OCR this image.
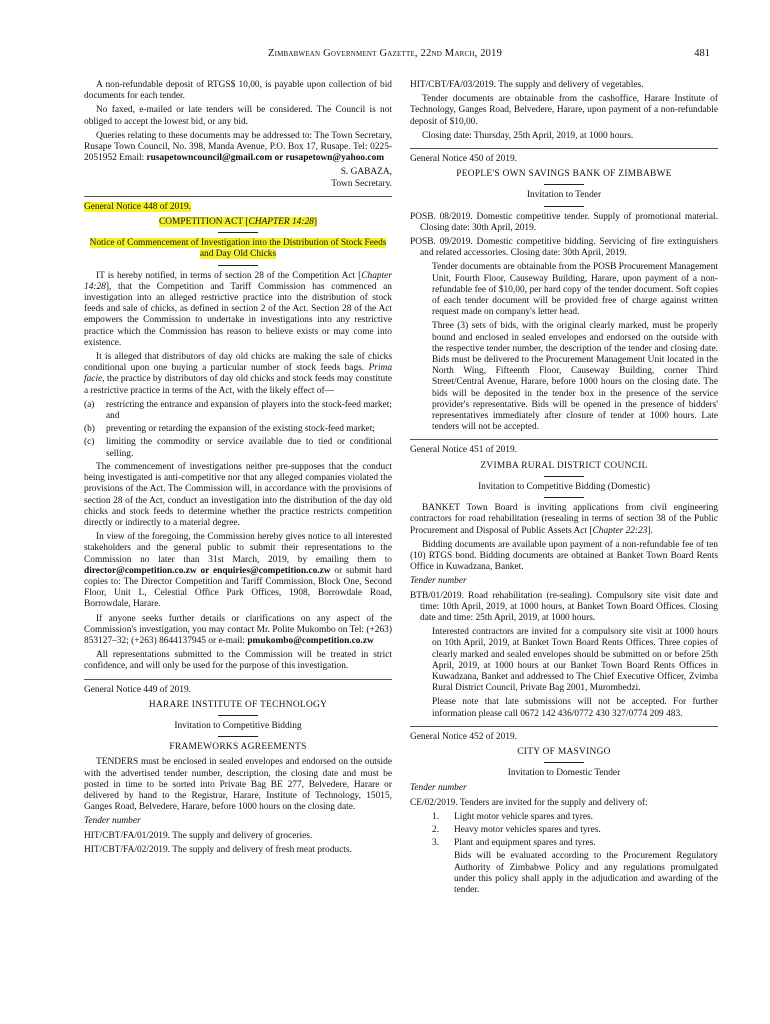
Zimbabwean Government Gazette, 22nd March, 2019	481

A non-refundable deposit of RTGS$ 10,00, is payable upon collection of bid documents for each tender.

No faxed, e-mailed or late tenders will be considered. The Council is not obliged to accept the lowest bid, or any bid.

Queries relating to these documents may be addressed to: The Town Secretary, Rusape Town Council, No. 398, Manda Avenue, P.O. Box 17, Rusape. Tel: 0225-2051952 Email: rusapetowncouncil@gmail.com or rusapetown@yahoo.com

S. GABAZA,

Town Secretary.

General Notice 448 of 2019.

COMPETITION ACT [CHAPTER 14:28]

Notice of Commencement of Investigation into the Distribution of Stock Feeds and Day Old Chicks

IT is hereby notified, in terms of section 28 of the Competition Act [Chapter 14:28], that the Competition and Tariff Commission has commenced an investigation into an alleged restrictive practice into the distribution of stock feeds and sale of chicks, as defined in section 2 of the Act. Section 28 of the Act empowers the Commission to undertake in investigations into any restrictive practice which the Commission has reason to believe exists or may come into existence.

It is alleged that distributors of day old chicks are making the sale of chicks conditional upon one buying a particular number of stock feeds bags. Prima facie, the practice by distributors of day old chicks and stock feeds may constitute a restrictive practice in terms of the Act, with the likely effect of—

(a)	restricting the entrance and expansion of players into the stock-feed market; and
(b)	preventing or retarding the expansion of the existing stock-feed market;
(c)	limiting the commodity or service available due to tied or conditional selling.

The commencement of investigations neither pre-supposes that the conduct being investigated is anti-competitive nor that any alleged companies violated the provisions of the Act. The Commission will, in accordance with the provisions of section 28 of the Act, conduct an investigation into the distribution of the day old chicks and stock feeds to determine whether the practice restricts competition directly or indirectly to a material degree.

In view of the foregoing, the Commission hereby gives notice to all interested stakeholders and the general public to submit their representations to the Commission no later than 31st March, 2019, by emailing them to director@competition.co.zw or enquiries@competition.co.zw or submit hard copies to: The Director Competition and Tariff Commission, Block One, Second Floor, Unit L, Celestial Office Park Offices, 1908, Borrowdale Road, Borrowdale, Harare.

If anyone seeks further details or clarifications on any aspect of the Commission's investigation, you may contact Mr. Polite Mukombo on Tel: (+263) 853127–32; (+263) 8644137945 or e-mail: pmukombo@competition.co.zw

All representations submitted to the Commission will be treated in strict confidence, and will only be used for the purpose of this investigation.

General Notice 449 of 2019.

HARARE INSTITUTE OF TECHNOLOGY

Invitation to Competitive Bidding

FRAMEWORKS AGREEMENTS

TENDERS must be enclosed in sealed envelopes and endorsed on the outside with the advertised tender number, description, the closing date and must be posted in time to be sorted into Private Bag BE 277, Belvedere, Harare or delivered by hand to the Registrar, Harare, Institute of Technology, 15015, Ganges Road, Belvedere, Harare, before 1000 hours on the closing date.

Tender number

HIT/CBT/FA/01/2019. The supply and delivery of groceries.

HIT/CBT/FA/02/2019. The supply and delivery of fresh meat products.

HIT/CBT/FA/03/2019. The supply and delivery of vegetables.

Tender documents are obtainable from the cashoffice, Harare Institute of Technology, Ganges Road, Belvedere, Harare, upon payment of a non-refundable deposit of $10,00.

Closing date: Thursday, 25th April, 2019, at 1000 hours.

General Notice 450 of 2019.

PEOPLE'S OWN SAVINGS BANK OF ZIMBABWE

Invitation to Tender

POSB. 08/2019. Domestic competitive tender. Supply of promotional material. Closing date: 30th April, 2019.

POSB. 09/2019. Domestic competitive bidding. Servicing of fire extinguishers and related accessories. Closing date: 30th April, 2019.

Tender documents are obtainable from the POSB Procurement Management Unit, Fourth Floor, Causeway Building, Harare, upon payment of a non-refundable fee of $10,00, per hard copy of the tender document. Soft copies of each tender document will be provided free of charge against written request made on company's letter head.

Three (3) sets of bids, with the original clearly marked, must be properly bound and enclosed in sealed envelopes and endorsed on the outside with the respective tender number, the description of the tender and closing date. Bids must be delivered to the Procurement Management Unit located in the North Wing, Fifteenth Floor, Causeway Building, corner Third Street/Central Avenue, Harare, before 1000 hours on the closing date. The bids will be deposited in the tender box in the presence of the service provider's representative. Bids will be opened in the presence of bidders' representatives immediately after closure of tender at 1000 hours. Late tenders will not be accepted.

General Notice 451 of 2019.

ZVIMBA RURAL DISTRICT COUNCIL

Invitation to Competitive Bidding (Domestic)

BANKET Town Board is inviting applications from civil engineering contractors for road rehabilitation (resealing in terms of section 38 of the Public Procurement and Disposal of Public Assets Act [Chapter 22:23].

Bidding documents are available upon payment of a non-refundable fee of ten (10) RTGS bond. Bidding documents are obtained at Banket Town Board Rents Office in Kuwadzana, Banket.

Tender number

BTB/01/2019. Road rehabilitation (re-sealing). Compulsory site visit date and time: 10th April, 2019, at 1000 hours, at Banket Town Board Offices. Closing date and time: 25th April, 2019, at 1000 hours.

Interested contractors are invited for a compulsory site visit at 1000 hours on 10th April, 2019, at Banket Town Board Rents Offices. Three copies of clearly marked and sealed envelopes should be submitted on or before 25th April, 2019, at 1000 hours at our Banket Town Board Rents Offices in Kuwadzana, Banket and addressed to The Chief Executive Officer, Zvimba Rural District Council, Private Bag 2001, Murombedzi.

Please note that late submissions will not be accepted. For further information please call 0672 142 436/0772 430 327/0774 209 483.

General Notice 452 of 2019.

CITY OF MASVINGO

Invitation to Domestic Tender

Tender number

CE/02/2019. Tenders are invited for the supply and delivery of:

1.	Light motor vehicle spares and tyres.
2.	Heavy motor vehicles spares and tyres.
3.	Plant and equipment spares and tyres.

Bids will be evaluated according to the Procurement Regulatory Authority of Zimbabwe Policy and any regulations promulgated under this policy shall apply in the adjudication and awarding of the tender.
